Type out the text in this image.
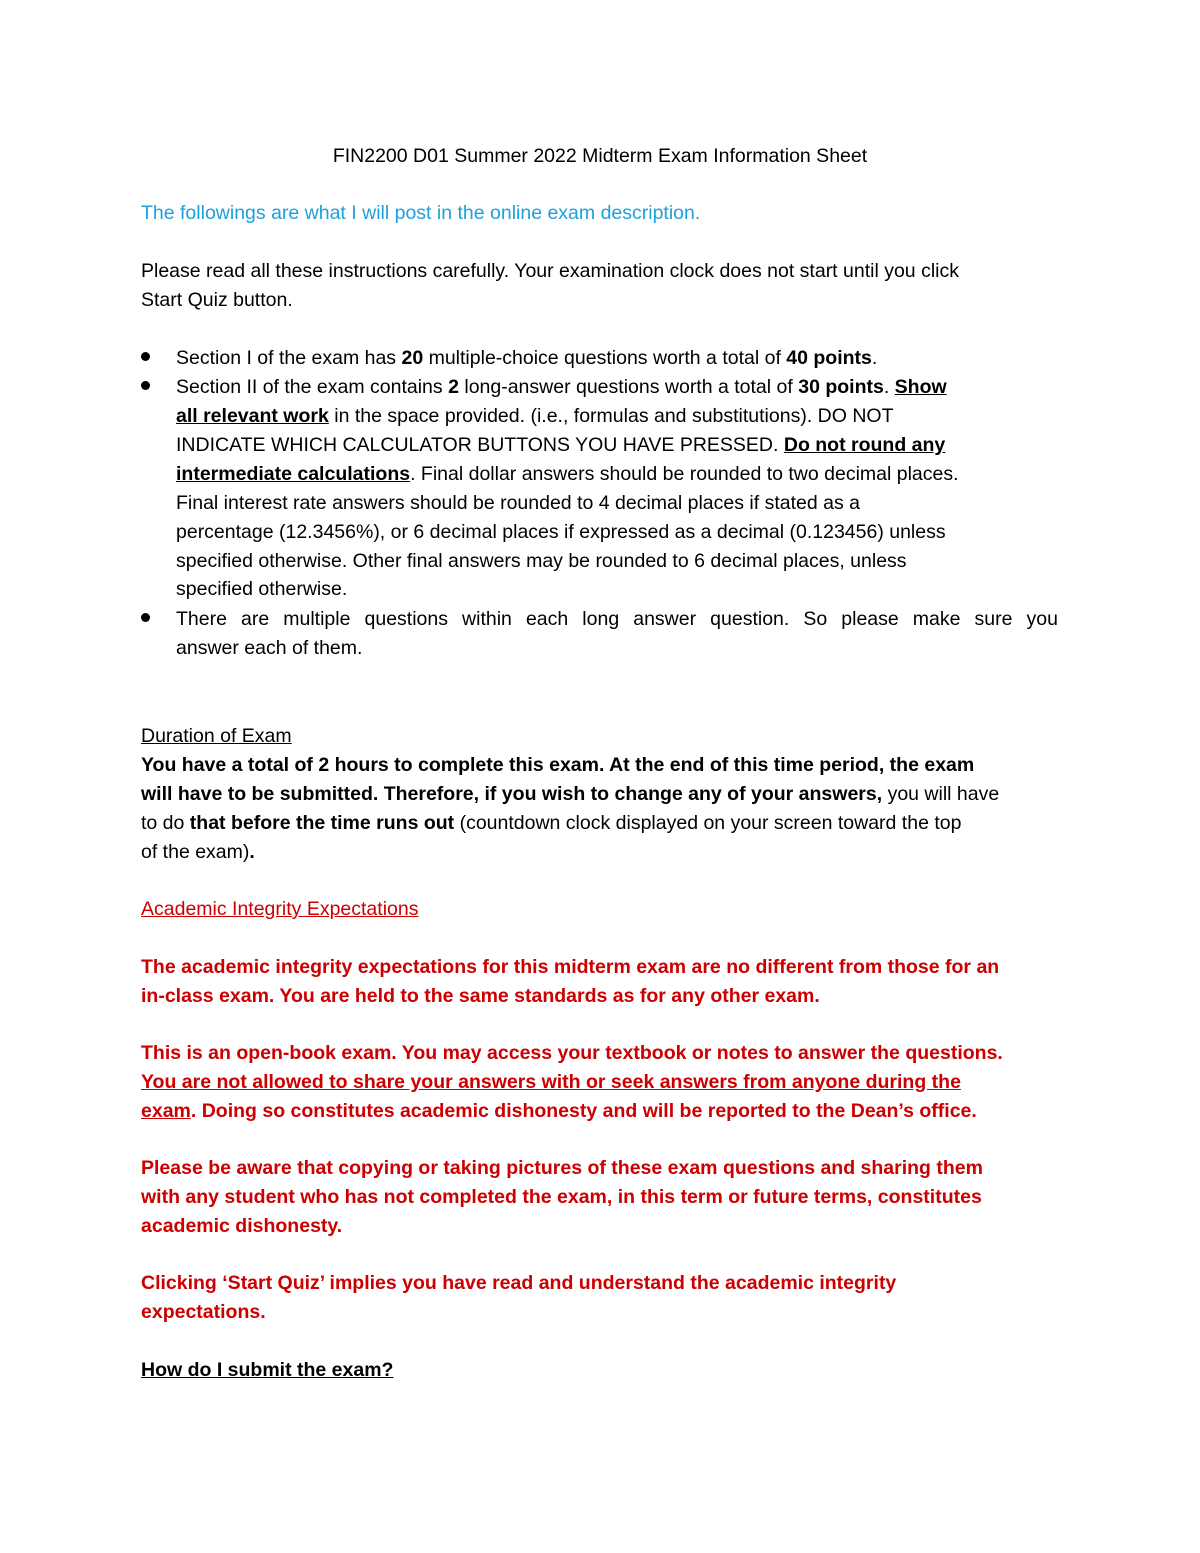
FIN2200 D01 Summer 2022 Midterm Exam Information Sheet
The followings are what I will post in the online exam description.
Please read all these instructions carefully. Your examination clock does not start until you click
Start Quiz button.
Section I of the exam has 20 multiple-choice questions worth a total of 40 points.
Section II of the exam contains 2 long-answer questions worth a total of 30 points. Show
all relevant work in the space provided. (i.e., formulas and substitutions). DO NOT
INDICATE WHICH CALCULATOR BUTTONS YOU HAVE PRESSED. Do not round any
intermediate calculations. Final dollar answers should be rounded to two decimal places.
Final interest rate answers should be rounded to 4 decimal places if stated as a
percentage (12.3456%), or 6 decimal places if expressed as a decimal (0.123456) unless
specified otherwise. Other final answers may be rounded to 6 decimal places, unless
specified otherwise.
There are multiple questions within each long answer question. So please make sure you
answer each of them.
Duration of Exam
You have a total of 2 hours to complete this exam. At the end of this time period, the exam
will have to be submitted. Therefore, if you wish to change any of your answers, you will have
to do that before the time runs out (countdown clock displayed on your screen toward the top
of the exam).
Academic Integrity Expectations
The academic integrity expectations for this midterm exam are no different from those for an
in-class exam. You are held to the same standards as for any other exam.
This is an open-book exam. You may access your textbook or notes to answer the questions.
You are not allowed to share your answers with or seek answers from anyone during the
exam. Doing so constitutes academic dishonesty and will be reported to the Dean’s office.
Please be aware that copying or taking pictures of these exam questions and sharing them
with any student who has not completed the exam, in this term or future terms, constitutes
academic dishonesty.
Clicking ‘Start Quiz’ implies you have read and understand the academic integrity
expectations.
How do I submit the exam?
